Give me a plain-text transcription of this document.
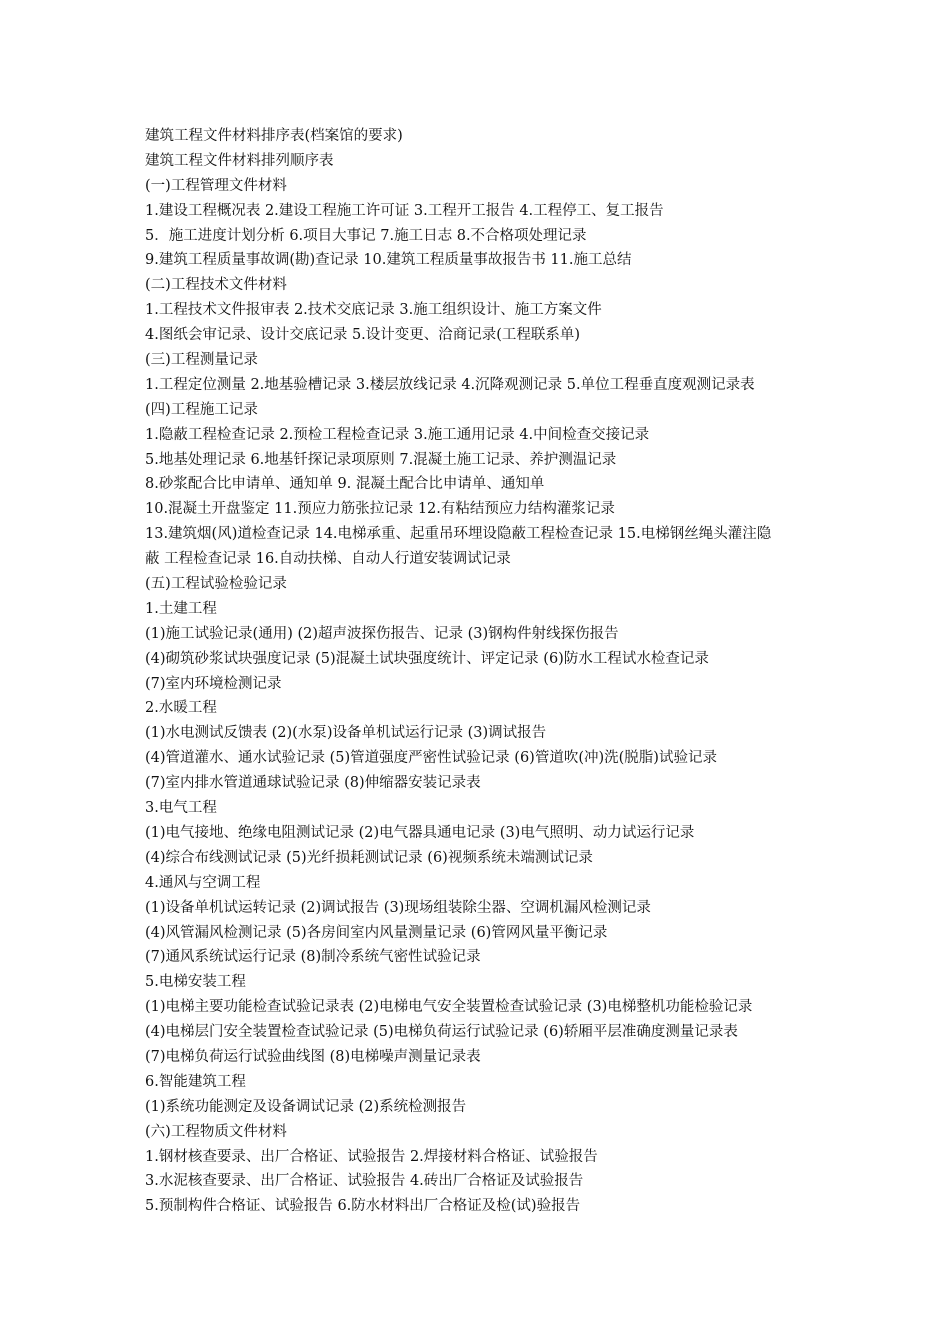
建筑工程文件材料排序表(档案馆的要求)
建筑工程文件材料排列顺序表
(一)工程管理文件材料
1.建设工程概况表 2.建设工程施工许可证 3.工程开工报告 4.工程停工、复工报告
5．施工进度计划分析 6.项目大事记 7.施工日志 8.不合格项处理记录
9.建筑工程质量事故调(勘)查记录 10.建筑工程质量事故报告书 11.施工总结
(二)工程技术文件材料
1.工程技术文件报审表 2.技术交底记录 3.施工组织设计、施工方案文件
4.图纸会审记录、设计交底记录 5.设计变更、洽商记录(工程联系单)
(三)工程测量记录
1.工程定位测量 2.地基验槽记录 3.楼层放线记录 4.沉降观测记录 5.单位工程垂直度观测记录表
(四)工程施工记录
1.隐蔽工程检查记录 2.预检工程检查记录 3.施工通用记录 4.中间检查交接记录
5.地基处理记录 6.地基钎探记录项原则 7.混凝土施工记录、养护测温记录
8.砂浆配合比申请单、通知单 9. 混凝土配合比申请单、通知单
10.混凝土开盘鉴定 11.预应力筋张拉记录 12.有粘结预应力结构灌浆记录
13.建筑烟(风)道检查记录 14.电梯承重、起重吊环埋设隐蔽工程检查记录 15.电梯钢丝绳头灌注隐
蔽 工程检查记录 16.自动扶梯、自动人行道安装调试记录
(五)工程试验检验记录
1.土建工程
(1)施工试验记录(通用) (2)超声波探伤报告、记录 (3)钢构件射线探伤报告
(4)砌筑砂浆试块强度记录 (5)混凝土试块强度统计、评定记录 (6)防水工程试水检查记录
(7)室内环境检测记录
2.水暖工程
(1)水电测试反馈表 (2)(水泵)设备单机试运行记录 (3)调试报告
(4)管道灌水、通水试验记录 (5)管道强度严密性试验记录 (6)管道吹(冲)洗(脱脂)试验记录
(7)室内排水管道通球试验记录 (8)伸缩器安装记录表
3.电气工程
(1)电气接地、绝缘电阻测试记录 (2)电气器具通电记录 (3)电气照明、动力试运行记录
(4)综合布线测试记录 (5)光纤损耗测试记录 (6)视频系统未端测试记录
4.通风与空调工程
(1)设备单机试运转记录 (2)调试报告 (3)现场组装除尘器、空调机漏风检测记录
(4)风管漏风检测记录 (5)各房间室内风量测量记录 (6)管网风量平衡记录
(7)通风系统试运行记录 (8)制冷系统气密性试验记录
5.电梯安装工程
(1)电梯主要功能检查试验记录表 (2)电梯电气安全装置检查试验记录 (3)电梯整机功能检验记录
(4)电梯层门安全装置检查试验记录 (5)电梯负荷运行试验记录 (6)轿厢平层准确度测量记录表
(7)电梯负荷运行试验曲线图 (8)电梯噪声测量记录表
6.智能建筑工程
(1)系统功能测定及设备调试记录 (2)系统检测报告
(六)工程物质文件材料
1.钢材核查要录、出厂合格证、试验报告 2.焊接材料合格证、试验报告
3.水泥核查要录、出厂合格证、试验报告 4.砖出厂合格证及试验报告
5.预制构件合格证、试验报告 6.防水材料出厂合格证及检(试)验报告
